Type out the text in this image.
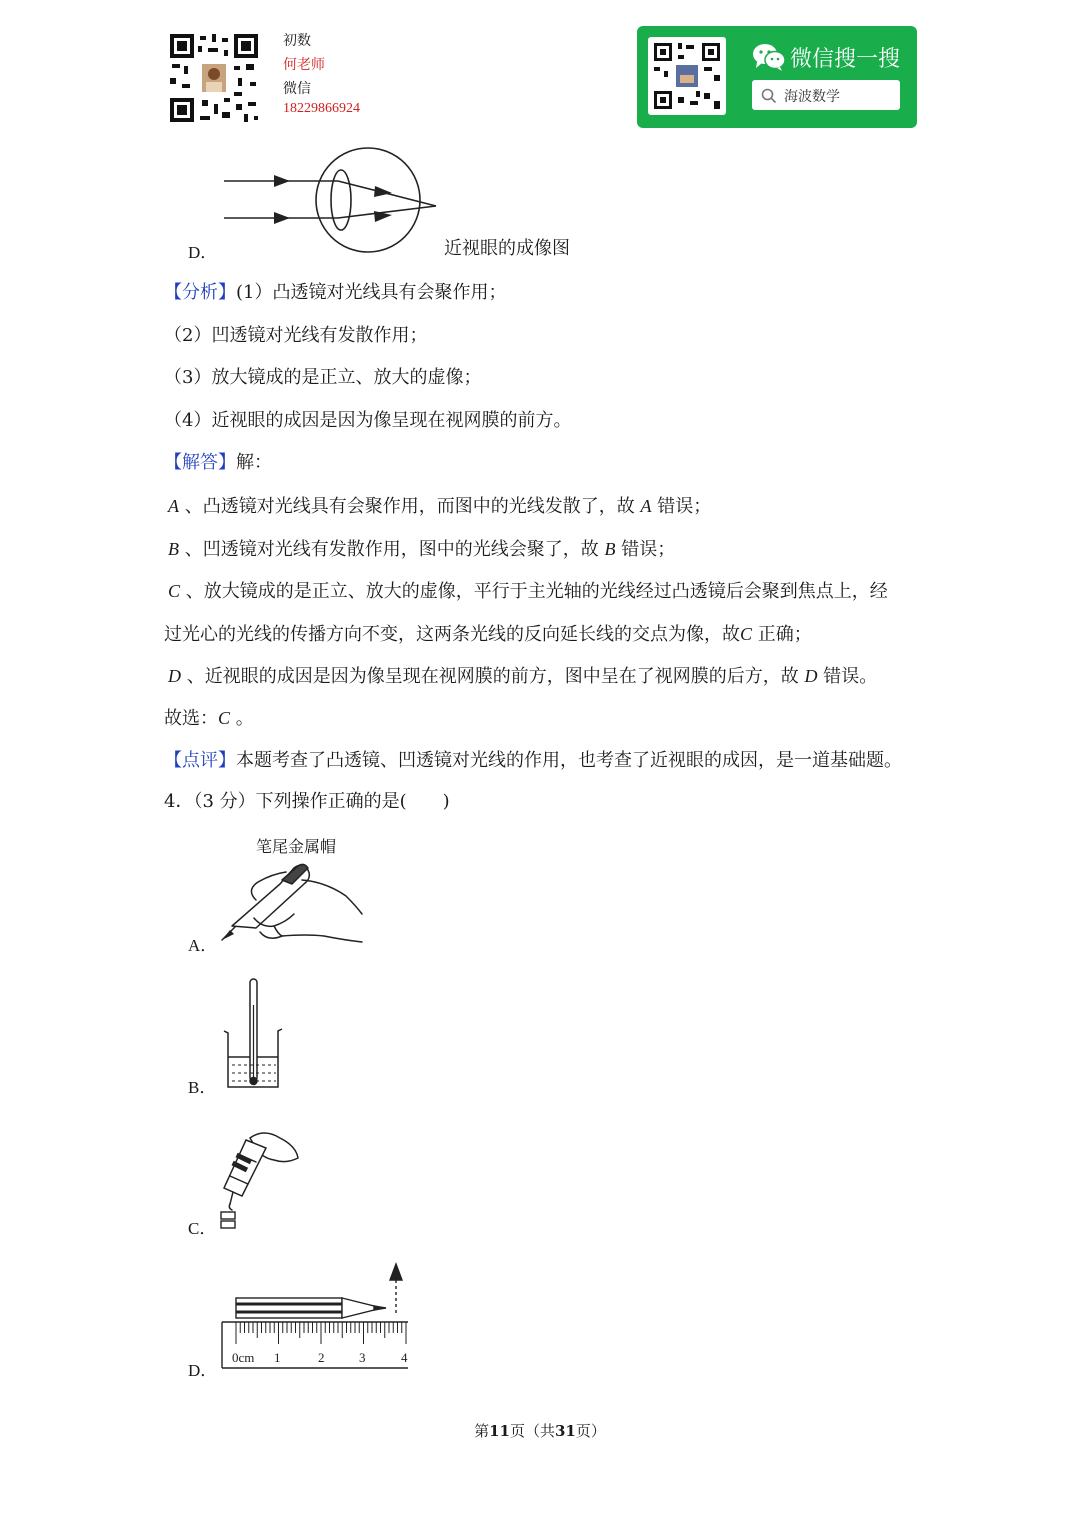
初数
何老师
微信
18229866924
微信搜一搜
海波数学
D．	近视眼的成像图
【分析】(1）凸透镜对光线具有会聚作用；
（2）凹透镜对光线有发散作用；
（3）放大镜成的是正立、放大的虚像；
（4）近视眼的成因是因为像呈现在视网膜的前方。
【解答】解：
A 、凸透镜对光线具有会聚作用，而图中的光线发散了，故 A 错误；
B 、凹透镜对光线有发散作用，图中的光线会聚了，故 B 错误；
C 、放大镜成的是正立、放大的虚像，平行于主光轴的光线经过凸透镜后会聚到焦点上，经
过光心的光线的传播方向不变，这两条光线的反向延长线的交点为像，故C 正确；
D 、近视眼的成因是因为像呈现在视网膜的前方，图中呈在了视网膜的后方，故 D 错误。
故选：C 。
【点评】本题考查了凸透镜、凹透镜对光线的作用，也考查了近视眼的成因，是一道基础题。
4．（3 分）下列操作正确的是(　　)
笔尾金属帽
A．
B．
C．
0cm 1	2	3	4
D．
第11页（共31页）
